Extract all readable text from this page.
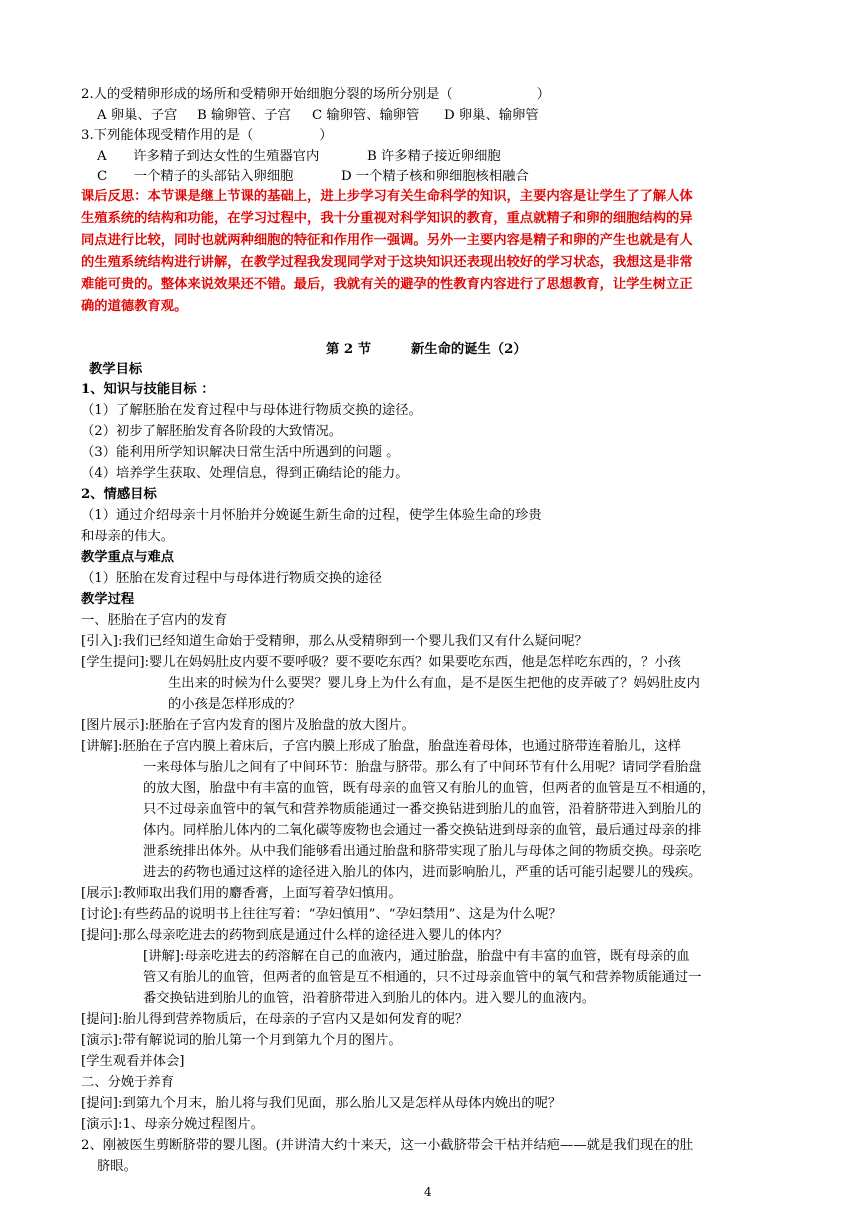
2.人的受精卵形成的场所和受精卵开始细胞分裂的场所分别是（	）
A 卵巢、子宫 B 输卵管、子宫 C 输卵管、输卵管 D 卵巢、输卵管
3.下列能体现受精作用的是（	）
A　　许多精子到达女性的生殖器官内	B 许多精子接近卵细胞
C　　一个精子的头部钻入卵细胞	D 一个精子核和卵细胞核相融合
课后反思：本节课是继上节课的基础上，进上步学习有关生命科学的知识，主要内容是让学生了了解人体
生殖系统的结构和功能，在学习过程中，我十分重视对科学知识的教育，重点就精子和卵的细胞结构的异
同点进行比较，同时也就两种细胞的特征和作用作一强调。另外一主要内容是精子和卵的产生也就是有人
的生殖系统结构进行讲解，在教学过程我发现同学对于这块知识还表现出较好的学习状态，我想这是非常
难能可贵的。整体来说效果还不错。最后，我就有关的避孕的性教育内容进行了思想教育，让学生树立正
确的道德教育观。
第 2 节	新生命的诞生（2）
教学目标
1、知识与技能目标 ：
（1）了解胚胎在发育过程中与母体进行物质交换的途径。
（2）初步了解胚胎发育各阶段的大致情况。
（3）能利用所学知识解决日常生活中所遇到的问题 。
（4）培养学生获取、处理信息，得到正确结论的能力。
2、情感目标
（1）通过介绍母亲十月怀胎并分娩诞生新生命的过程，使学生体验生命的珍贵
和母亲的伟大。
教学重点与难点
（1）胚胎在发育过程中与母体进行物质交换的途径
教学过程
一、胚胎在子宫内的发育
[引入]:我们已经知道生命始于受精卵，那么从受精卵到一个婴儿我们又有什么疑问呢？
[学生提问]:婴儿在妈妈肚皮内要不要呼吸？要不要吃东西？如果要吃东西，他是怎样吃东西的，？小孩
生出来的时候为什么要哭？婴儿身上为什么有血，是不是医生把他的皮弄破了？妈妈肚皮内
的小孩是怎样形成的？
[图片展示]:胚胎在子宫内发育的图片及胎盘的放大图片。
[讲解]:胚胎在子宫内膜上着床后，子宫内膜上形成了胎盘，胎盘连着母体，也通过脐带连着胎儿，这样
一来母体与胎儿之间有了中间环节：胎盘与脐带。那么有了中间环节有什么用呢？请同学看胎盘
的放大图，胎盘中有丰富的血管，既有母亲的血管又有胎儿的血管，但两者的血管是互不相通的，
只不过母亲血管中的氧气和营养物质能通过一番交换钻进到胎儿的血管，沿着脐带进入到胎儿的
体内。同样胎儿体内的二氧化碳等废物也会通过一番交换钻进到母亲的血管，最后通过母亲的排
泄系统排出体外。从中我们能够看出通过胎盘和脐带实现了胎儿与母体之间的物质交换。母亲吃
进去的药物也通过这样的途径进入胎儿的体内，进而影响胎儿，严重的话可能引起婴儿的残疾。
[展示]:教师取出我们用的麝香膏，上面写着孕妇慎用。
[讨论]:有些药品的说明书上往往写着：“孕妇慎用”、“孕妇禁用”、这是为什么呢？
[提问]:那么母亲吃进去的药物到底是通过什么样的途径进入婴儿的体内？
[讲解]:母亲吃进去的药溶解在自己的血液内，通过胎盘，胎盘中有丰富的血管，既有母亲的血
管又有胎儿的血管，但两者的血管是互不相通的，只不过母亲血管中的氧气和营养物质能通过一
番交换钻进到胎儿的血管，沿着脐带进入到胎儿的体内。进入婴儿的血液内。
[提问]:胎儿得到营养物质后，在母亲的子宫内又是如何发育的呢？
[演示]:带有解说词的胎儿第一个月到第九个月的图片。
[学生观看并体会]
二、分娩于养育
[提问]:到第九个月末，胎儿将与我们见面，那么胎儿又是怎样从母体内娩出的呢？
[演示]:1、母亲分娩过程图片。
2、刚被医生剪断脐带的婴儿图。(并讲清大约十来天，这一小截脐带会干枯并结疤——就是我们现在的肚
脐眼。
4
